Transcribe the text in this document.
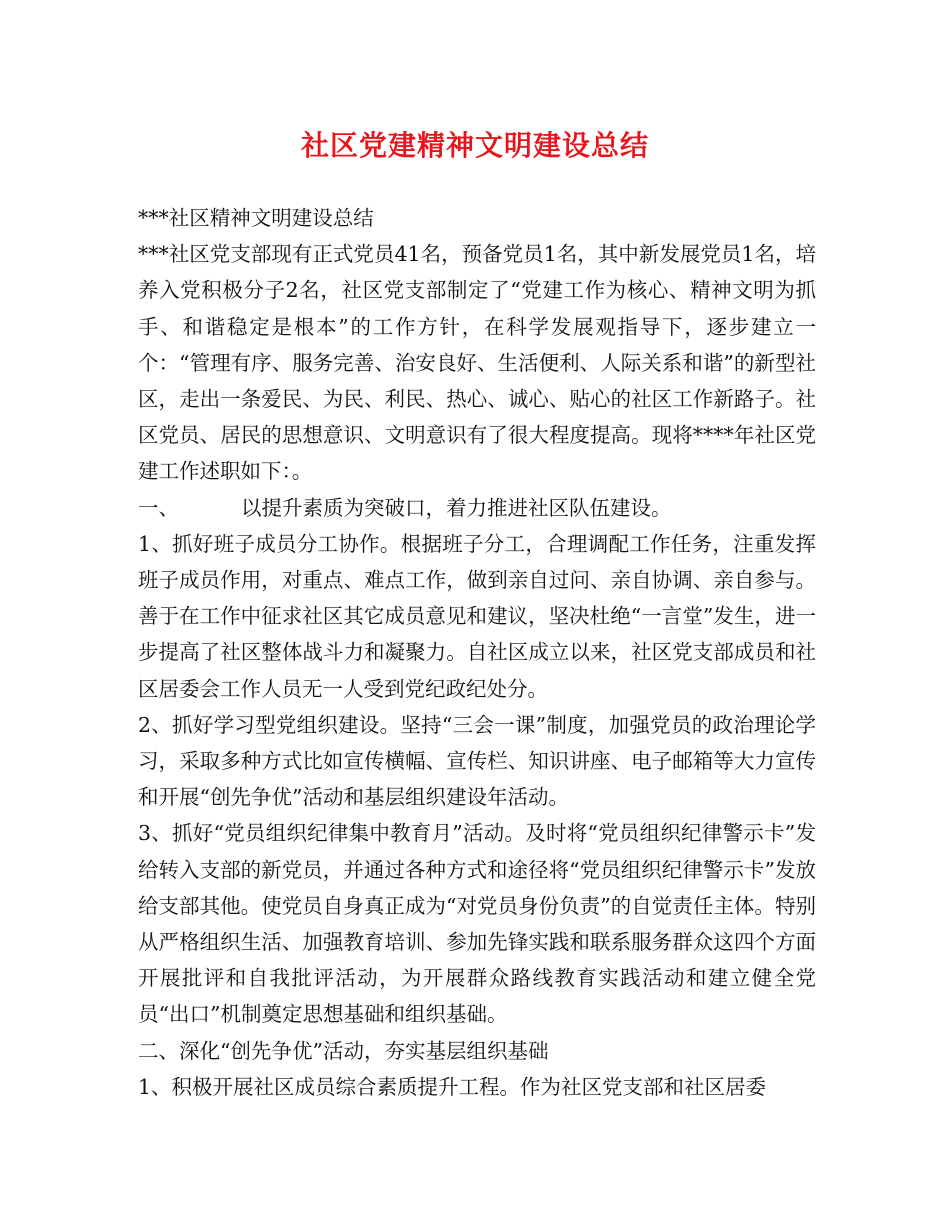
社区党建精神文明建设总结

***社区精神文明建设总结

***社区党支部现有正式党员41名，预备党员1名，其中新发展党员1名，培养入党积极分子2名，社区党支部制定了“党建工作为核心、精神文明为抓手、和谐稳定是根本”的工作方针，在科学发展观指导下，逐步建立一个：“管理有序、服务完善、治安良好、生活便利、人际关系和谐”的新型社区，走出一条爱民、为民、利民、热心、诚心、贴心的社区工作新路子。社区党员、居民的思想意识、文明意识有了很大程度提高。现将****年社区党建工作述职如下：。

一、	以提升素质为突破口，着力推进社区队伍建设。

1、抓好班子成员分工协作。根据班子分工，合理调配工作任务，注重发挥班子成员作用，对重点、难点工作，做到亲自过问、亲自协调、亲自参与。善于在工作中征求社区其它成员意见和建议，坚决杜绝“一言堂”发生，进一步提高了社区整体战斗力和凝聚力。自社区成立以来，社区党支部成员和社区居委会工作人员无一人受到党纪政纪处分。

2、抓好学习型党组织建设。坚持“三会一课”制度，加强党员的政治理论学习，采取多种方式比如宣传横幅、宣传栏、知识讲座、电子邮箱等大力宣传和开展“创先争优”活动和基层组织建设年活动。

3、抓好“党员组织纪律集中教育月”活动。及时将“党员组织纪律警示卡”发给转入支部的新党员，并通过各种方式和途径将“党员组织纪律警示卡”发放给支部其他。使党员自身真正成为“对党员身份负责”的自觉责任主体。特别从严格组织生活、加强教育培训、参加先锋实践和联系服务群众这四个方面开展批评和自我批评活动，为开展群众路线教育实践活动和建立健全党员“出口”机制奠定思想基础和组织基础。

二、深化“创先争优”活动，夯实基层组织基础

1、积极开展社区成员综合素质提升工程。作为社区党支部和社区居委
